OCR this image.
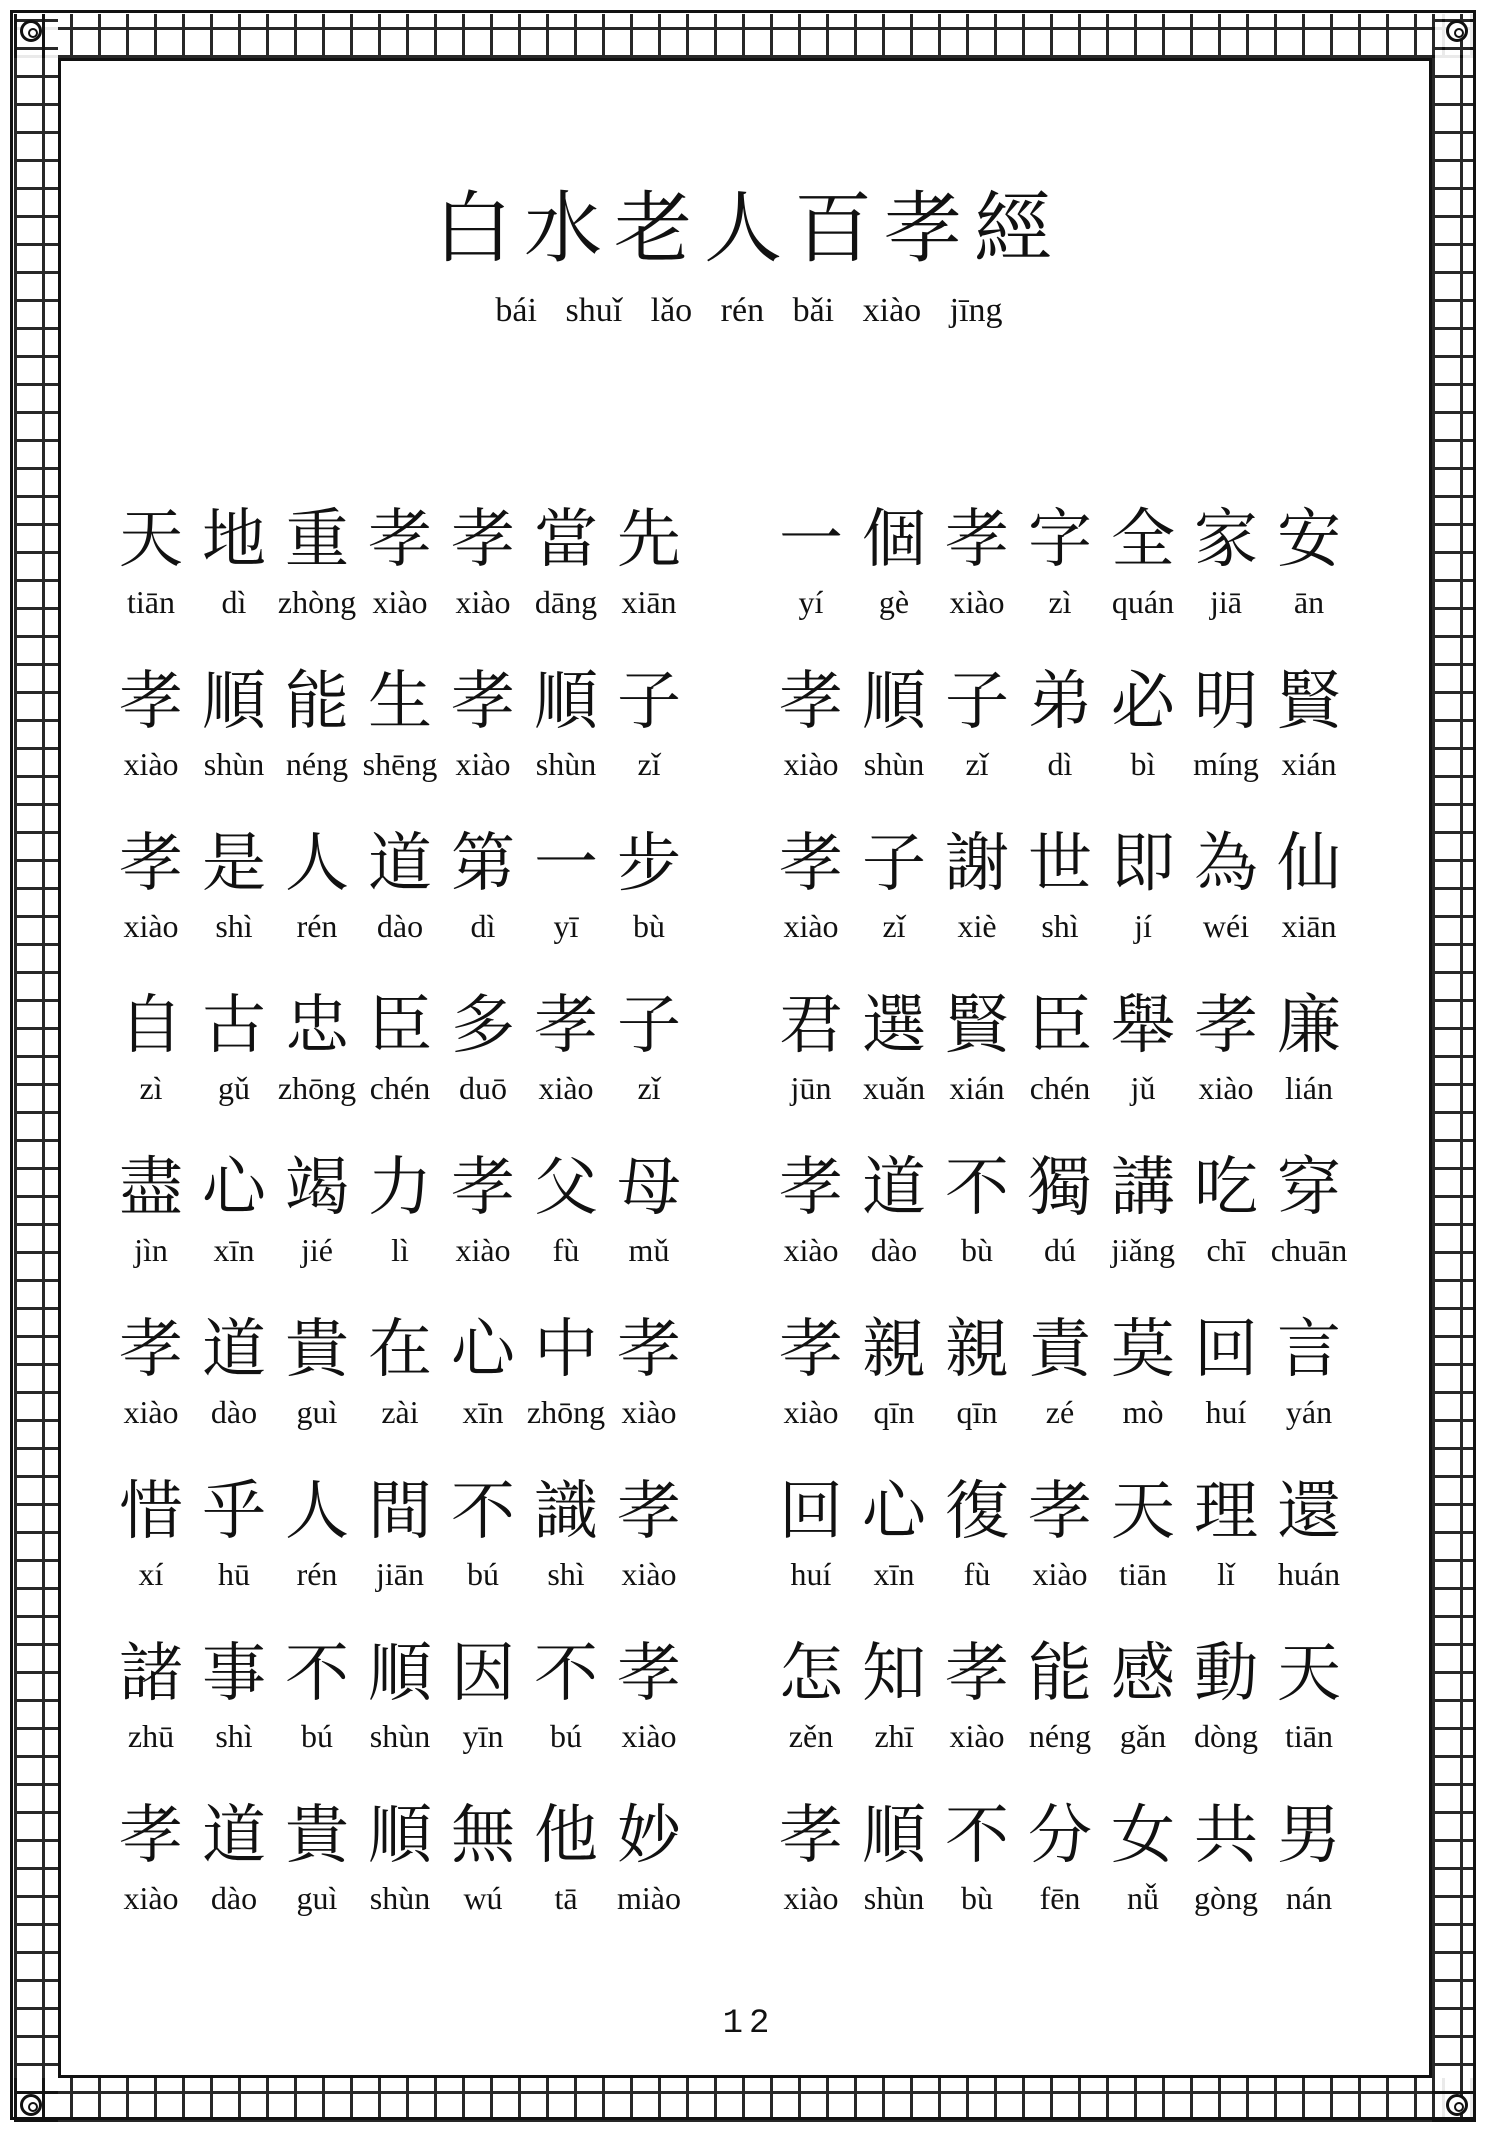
白水老人百孝經
bái shuǐ lǎo rén bǎi xiào jīng
天 地 重 孝 孝 當 先
tiān	dì zhòng xiào xiào dāng xiān
一 個 孝 字 全 家 安
yí	gè	xiào	zì	quán	jiā	ān
孝 順 能 生 孝 順 子
xiào shùn néng shēng xiào shùn	zǐ
孝 順 子 弟 必 明 賢
xiào shùn	zǐ	dì	bì	míng xián
孝 是 人 道 第 一 步
xiào	shì	rén	dào	dì	yī	bù
孝 子 謝 世 即 為 仙
xiào	zǐ	xiè	shì	jí	wéi	xiān
自 古 忠 臣 多 孝 子
zì	gǔ zhōng chén duō xiào	zǐ
君 選 賢 臣 舉 孝 廉
jūn xuǎn xián chén	jǔ	xiào lián
盡 心 竭 力 孝 父 母
jìn	xīn	jié	lì	xiào	fù	mǔ
孝 道 不 獨 講 吃 穿
xiào	dào	bù	dú	jiǎng chī chuān
孝 道 貴 在 心 中 孝
xiào	dào	guì	zài	xīn zhōng xiào
孝 親 親 責 莫 回 言
xiào	qīn	qīn	zé	mò	huí	yán
惜 乎 人 間 不 識 孝
xí	hū	rén	jiān	bú	shì	xiào
回 心 復 孝 天 理 還
huí	xīn	fù	xiào tiān	lǐ	huán
諸 事 不 順 因 不 孝
zhū	shì	bú	shùn	yīn	bú	xiào
怎 知 孝 能 感 動 天
zěn	zhī	xiào néng gǎn dòng tiān
孝 道 貴 順 無 他 妙
xiào	dào	guì	shùn	wú	tā	miào
孝 順 不 分 女 共 男
xiào shùn	bù	fēn	nǚ	gòng nán
12
